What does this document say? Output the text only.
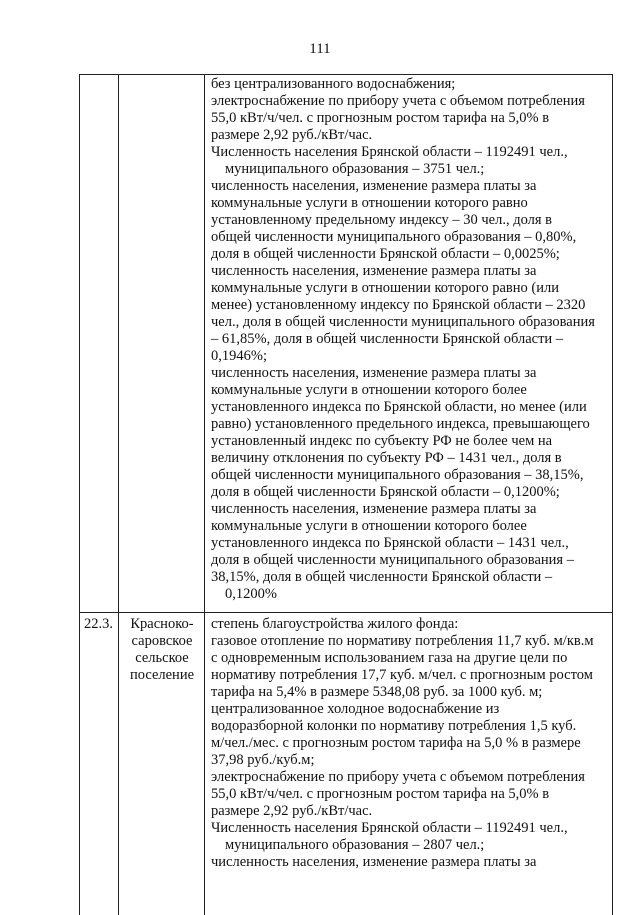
111
без централизованного водоснабжения;
электроснабжение по прибору учета с объемом потребления
55,0 кВт/ч/чел. с прогнозным ростом тарифа на 5,0% в
размере 2,92 руб./кВт/час.
Численность населения Брянской области – 1192491 чел.,
муниципального образования – 3751 чел.;
численность населения, изменение размера платы за
коммунальные услуги в отношении которого равно
установленному предельному индексу – 30 чел., доля в
общей численности муниципального образования – 0,80%,
доля в общей численности Брянской области – 0,0025%;
численность населения, изменение размера платы за
коммунальные услуги в отношении которого равно (или
менее) установленному индексу по Брянской области – 2320
чел., доля в общей численности муниципального образования
– 61,85%, доля в общей численности Брянской области –
0,1946%;
численность населения, изменение размера платы за
коммунальные услуги в отношении которого более
установленного индекса по Брянской области, но менее (или
равно) установленного предельного индекса, превышающего
установленный индекс по субъекту РФ не более чем на
величину отклонения по субъекту РФ – 1431 чел., доля в
общей численности муниципального образования – 38,15%,
доля в общей численности Брянской области – 0,1200%;
численность населения, изменение размера платы за
коммунальные услуги в отношении которого более
установленного индекса по Брянской области – 1431 чел.,
доля в общей численности муниципального образования –
38,15%, доля в общей численности Брянской области –
0,1200%
22.3.	Красноко-
саровское
сельское
поселение
степень благоустройства жилого фонда:
газовое отопление по нормативу потребления 11,7 куб. м/кв.м
с одновременным использованием газа на другие цели по
нормативу потребления 17,7 куб. м/чел. с прогнозным ростом
тарифа на 5,4% в размере 5348,08 руб. за 1000 куб. м;
централизованное холодное водоснабжение из
водоразборной колонки по нормативу потребления 1,5 куб.
м/чел./мес. с прогнозным ростом тарифа на 5,0 % в размере
37,98 руб./куб.м;
электроснабжение по прибору учета с объемом потребления
55,0 кВт/ч/чел. с прогнозным ростом тарифа на 5,0% в
размере 2,92 руб./кВт/час.
Численность населения Брянской области – 1192491 чел.,
муниципального образования – 2807 чел.;
численность населения, изменение размера платы за
